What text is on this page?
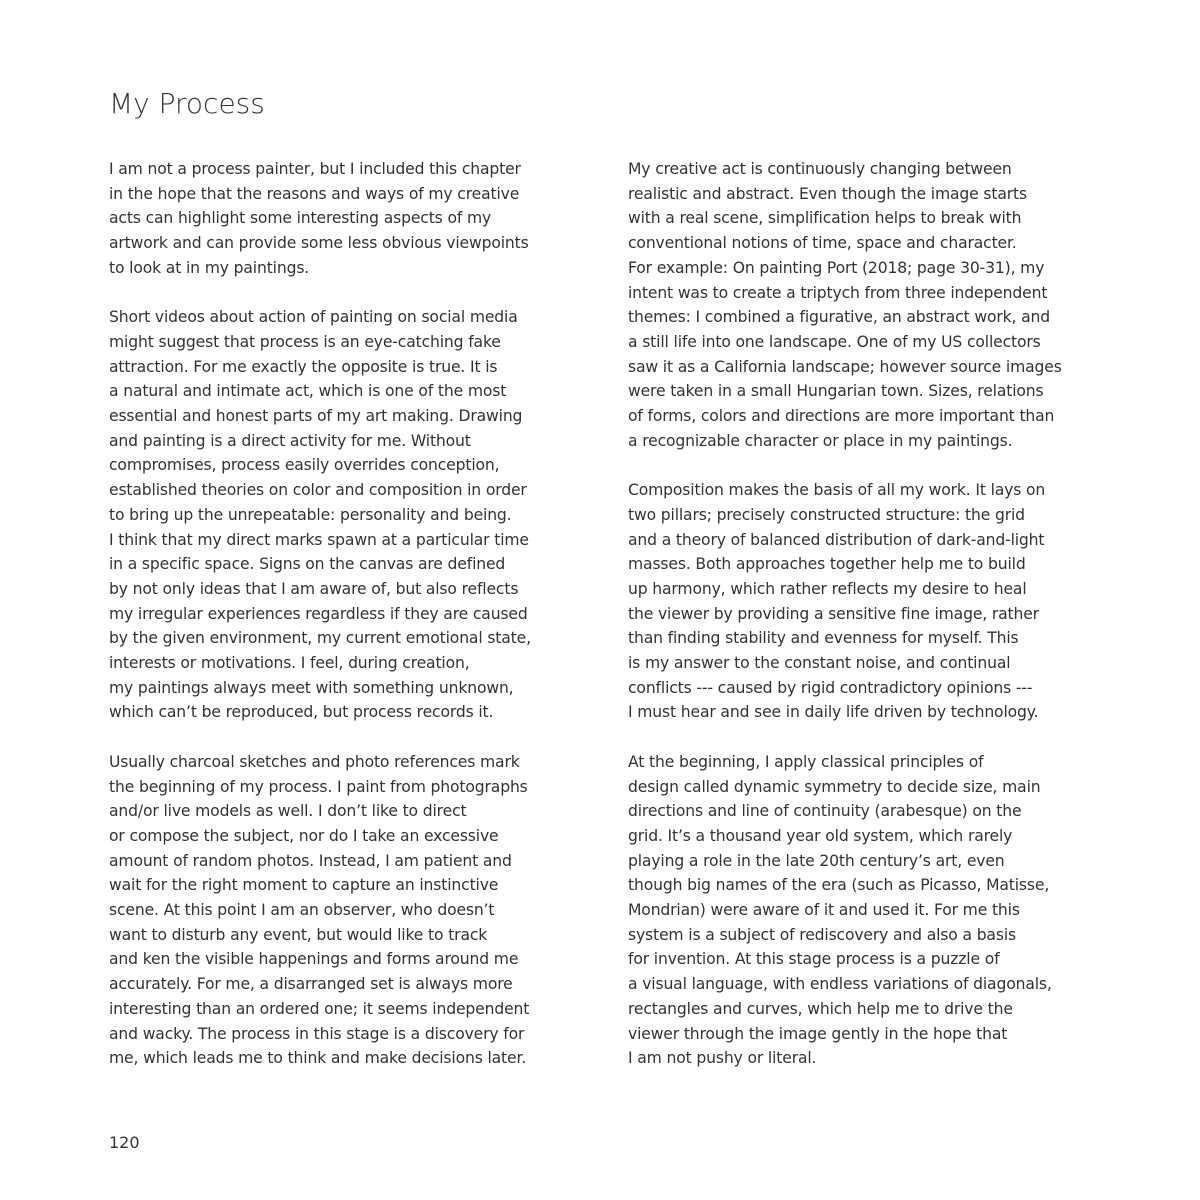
My Process

I am not a process painter, but I included this chapter
in the hope that the reasons and ways of my creative
acts can highlight some interesting aspects of my
artwork and can provide some less obvious viewpoints
to look at in my paintings.

Short videos about action of painting on social media
might suggest that process is an eye-catching fake
attraction. For me exactly the opposite is true. It is
a natural and intimate act, which is one of the most
essential and honest parts of my art making. Drawing
and painting is a direct activity for me. Without
compromises, process easily overrides conception,
established theories on color and composition in order
to bring up the unrepeatable: personality and being.
I think that my direct marks spawn at a particular time
in a specific space. Signs on the canvas are defined
by not only ideas that I am aware of, but also reflects
my irregular experiences regardless if they are caused
by the given environment, my current emotional state,
interests or motivations. I feel, during creation,
my paintings always meet with something unknown,
which can’t be reproduced, but process records it.

Usually charcoal sketches and photo references mark
the beginning of my process. I paint from photographs
and/or live models as well. I don’t like to direct
or compose the subject, nor do I take an excessive
amount of random photos. Instead, I am patient and
wait for the right moment to capture an instinctive
scene. At this point I am an observer, who doesn’t
want to disturb any event, but would like to track
and ken the visible happenings and forms around me
accurately. For me, a disarranged set is always more
interesting than an ordered one; it seems independent
and wacky. The process in this stage is a discovery for
me, which leads me to think and make decisions later.

My creative act is continuously changing between
realistic and abstract. Even though the image starts
with a real scene, simplification helps to break with
conventional notions of time, space and character.
For example: On painting Port (2018; page 30-31), my
intent was to create a triptych from three independent
themes: I combined a figurative, an abstract work, and
a still life into one landscape. One of my US collectors
saw it as a California landscape; however source images
were taken in a small Hungarian town. Sizes, relations
of forms, colors and directions are more important than
a recognizable character or place in my paintings.

Composition makes the basis of all my work. It lays on
two pillars; precisely constructed structure: the grid
and a theory of balanced distribution of dark-and-light
masses. Both approaches together help me to build
up harmony, which rather reflects my desire to heal
the viewer by providing a sensitive fine image, rather
than finding stability and evenness for myself. This
is my answer to the constant noise, and continual
conflicts --- caused by rigid contradictory opinions ---
I must hear and see in daily life driven by technology.

At the beginning, I apply classical principles of
design called dynamic symmetry to decide size, main
directions and line of continuity (arabesque) on the
grid. It’s a thousand year old system, which rarely
playing a role in the late 20th century’s art, even
though big names of the era (such as Picasso, Matisse,
Mondrian) were aware of it and used it. For me this
system is a subject of rediscovery and also a basis
for invention. At this stage process is a puzzle of
a visual language, with endless variations of diagonals,
rectangles and curves, which help me to drive the
viewer through the image gently in the hope that
I am not pushy or literal.

120
